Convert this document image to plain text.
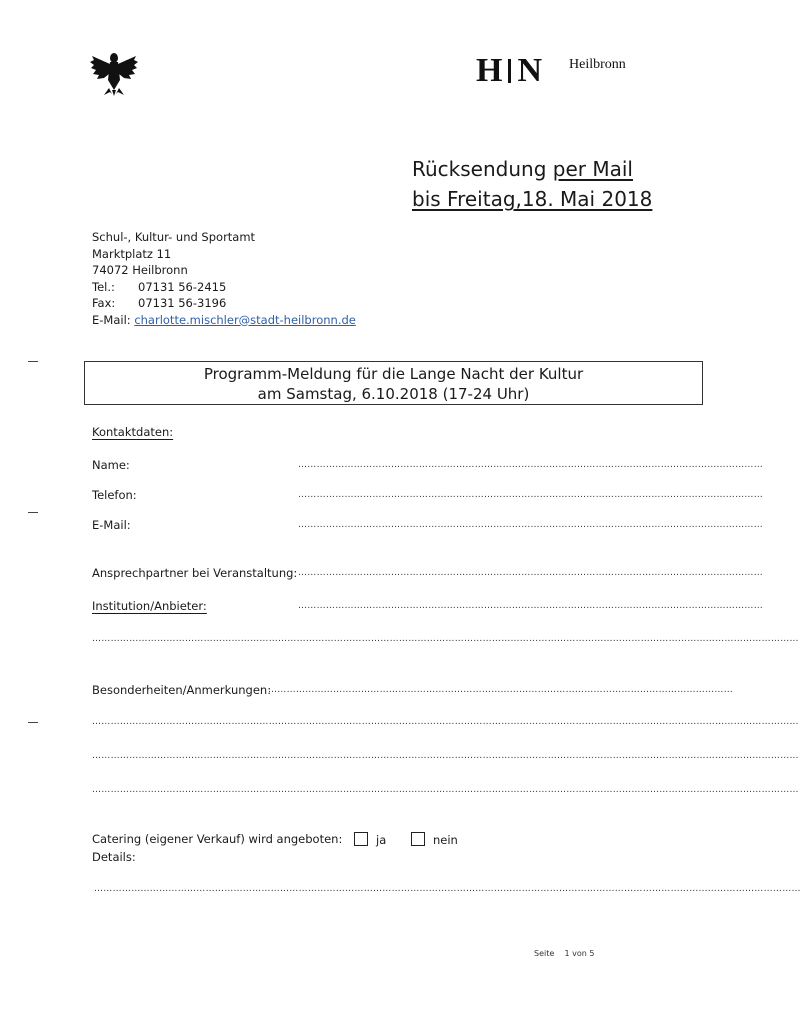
H N Heilbronn
Rücksendung per Mail
bis Freitag,18. Mai 2018
Schul-, Kultur- und Sportamt
Marktplatz 11
74072 Heilbronn
Tel.: 07131 56-2415
Fax: 07131 56-3196
E-Mail: charlotte.mischler@stadt-heilbronn.de
Programm-Meldung für die Lange Nacht der Kultur
am Samstag, 6.10.2018 (17-24 Uhr)
Kontaktdaten:
Name:	……………………………………………………………………………………………………………………………………
Telefon:	……………………………………………………………………………………………………………………………………
E-Mail:	……………………………………………………………………………………………………………………………………
Ansprechpartner bei Veranstaltung: ……………………………………………………………………………………………………………………………………
Institution/Anbieter:	……………………………………………………………………………………………………………………………………
…………………………………………………………………………………………………………………………………………………………………………………………………………
Besonderheiten/Anmerkungen:
……………………………………………………………………………………………………………………………………
…………………………………………………………………………………………………………………………………………………………………………………………………………
…………………………………………………………………………………………………………………………………………………………………………………………………………
…………………………………………………………………………………………………………………………………………………………………………………………………………
Catering (eigener Verkauf) wird angeboten:	ja	nein
Details:
…………………………………………………………………………………………………………………………………………………………………………………………………………
Seite 1 von 5
